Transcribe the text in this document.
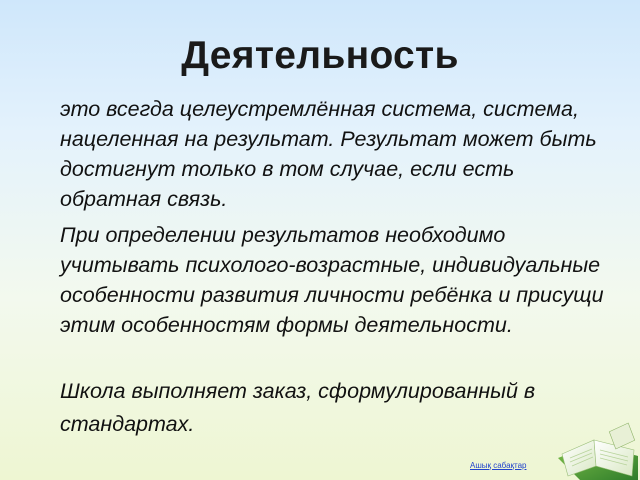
Деятельность
это всегда целеустремлённая система, система, нацеленная на результат. Результат может быть достигнут только в том случае, если есть обратная связь.
При определении результатов необходимо учитывать психолого-возрастные, индивидуальные особенности развития личности ребёнка и присущи этим особенностям формы деятельности.
Школа выполняет заказ, сформулированный в стандартах.
Ашық сабақтар
